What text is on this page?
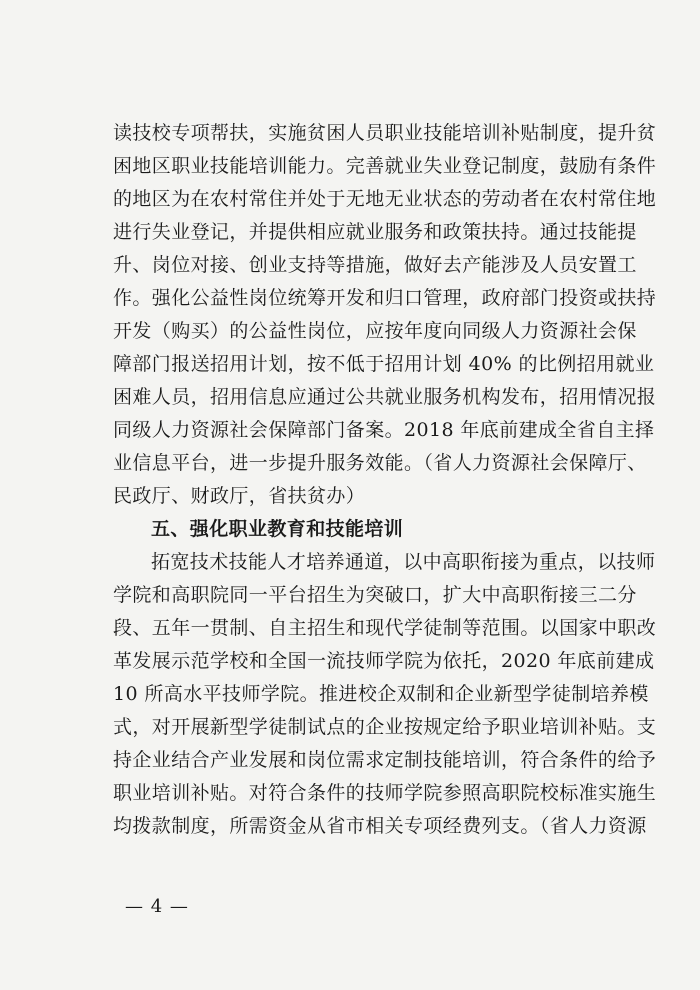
读技校专项帮扶，实施贫困人员职业技能培训补贴制度，提升贫
困地区职业技能培训能力。完善就业失业登记制度，鼓励有条件
的地区为在农村常住并处于无地无业状态的劳动者在农村常住地
进行失业登记，并提供相应就业服务和政策扶持。通过技能提
升、岗位对接、创业支持等措施，做好去产能涉及人员安置工
作。强化公益性岗位统筹开发和归口管理，政府部门投资或扶持
开发（购买）的公益性岗位，应按年度向同级人力资源社会保
障部门报送招用计划，按不低于招用计划 40% 的比例招用就业
困难人员，招用信息应通过公共就业服务机构发布，招用情况报
同级人力资源社会保障部门备案。2018 年底前建成全省自主择
业信息平台，进一步提升服务效能。（省人力资源社会保障厅、
民政厅、财政厅，省扶贫办）
五、强化职业教育和技能培训
拓宽技术技能人才培养通道，以中高职衔接为重点，以技师
学院和高职院同一平台招生为突破口，扩大中高职衔接三二分
段、五年一贯制、自主招生和现代学徒制等范围。以国家中职改
革发展示范学校和全国一流技师学院为依托，2020 年底前建成
10 所高水平技师学院。推进校企双制和企业新型学徒制培养模
式，对开展新型学徒制试点的企业按规定给予职业培训补贴。支
持企业结合产业发展和岗位需求定制技能培训，符合条件的给予
职业培训补贴。对符合条件的技师学院参照高职院校标准实施生
均拨款制度，所需资金从省市相关专项经费列支。（省人力资源
— 4 —
